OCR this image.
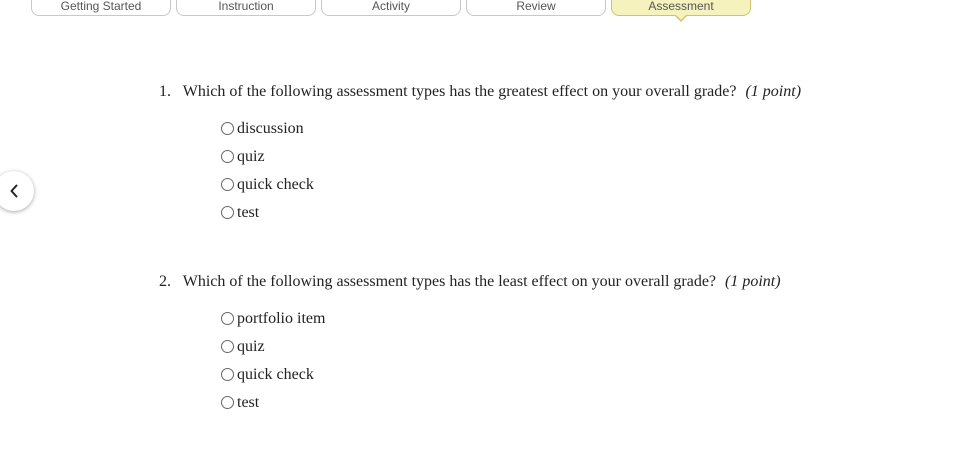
Getting Started	Instruction	Activity	Review	Assessment
1. Which of the following assessment types has the greatest effect on your overall grade? (1 point)
discussion
quiz
quick check
test
2. Which of the following assessment types has the least effect on your overall grade? (1 point)
portfolio item
quiz
quick check
test
